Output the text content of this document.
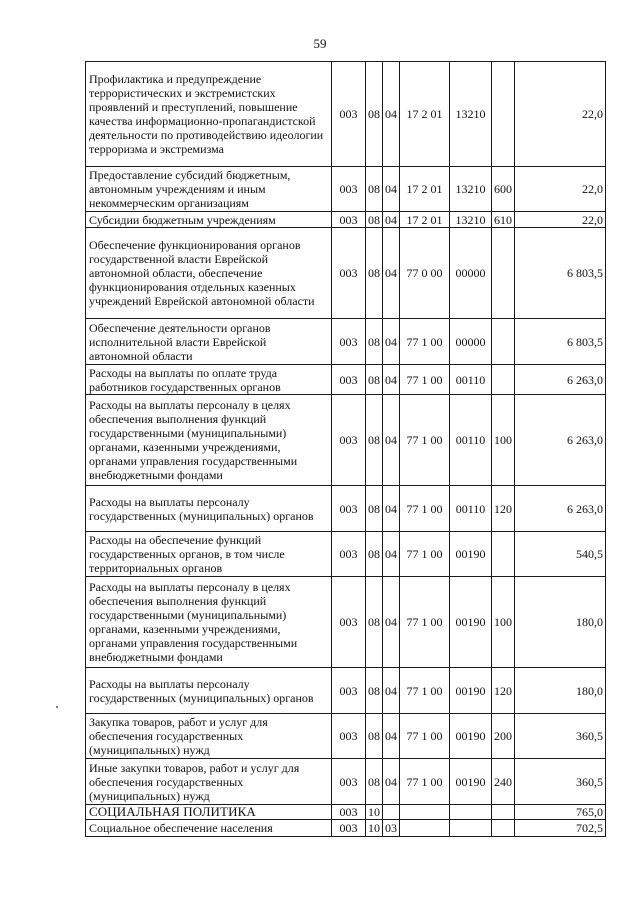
59
Профилактика и предупреждение террористических и экстремистских проявлений и преступлений, повышение качества информационно-пропагандистской деятельности по противодействию идеологии терроризма и экстремизма	003	08	04	17 2 01	13210		22,0
Предоставление субсидий бюджетным, автономным учреждениям и иным некоммерческим организациям	003	08	04	17 2 01	13210	600	22,0
Субсидии бюджетным учреждениям	003	08	04	17 2 01	13210	610	22,0
Обеспечение функционирования органов государственной власти Еврейской автономной области, обеспечение функционирования отдельных казенных учреждений Еврейской автономной области	003	08	04	77 0 00	00000		6 803,5
Обеспечение деятельности органов исполнительной власти Еврейской автономной области	003	08	04	77 1 00	00000		6 803,5
Расходы на выплаты по оплате труда работников государственных органов	003	08	04	77 1 00	00110		6 263,0
Расходы на выплаты персоналу в целях обеспечения выполнения функций государственными (муниципальными) органами, казенными учреждениями, органами управления государственными внебюджетными фондами	003	08	04	77 1 00	00110	100	6 263,0
Расходы на выплаты персоналу государственных (муниципальных) органов	003	08	04	77 1 00	00110	120	6 263,0
Расходы на обеспечение функций государственных органов, в том числе территориальных органов	003	08	04	77 1 00	00190		540,5
Расходы на выплаты персоналу в целях обеспечения выполнения функций государственными (муниципальными) органами, казенными учреждениями, органами управления государственными внебюджетными фондами	003	08	04	77 1 00	00190	100	180,0
Расходы на выплаты персоналу государственных (муниципальных) органов	003	08	04	77 1 00	00190	120	180,0
Закупка товаров, работ и услуг для обеспечения государственных (муниципальных) нужд	003	08	04	77 1 00	00190	200	360,5
Иные закупки товаров, работ и услуг для обеспечения государственных (муниципальных) нужд	003	08	04	77 1 00	00190	240	360,5
СОЦИАЛЬНАЯ ПОЛИТИКА	003	10					765,0
Социальное обеспечение населения	003	10	03				702,5
